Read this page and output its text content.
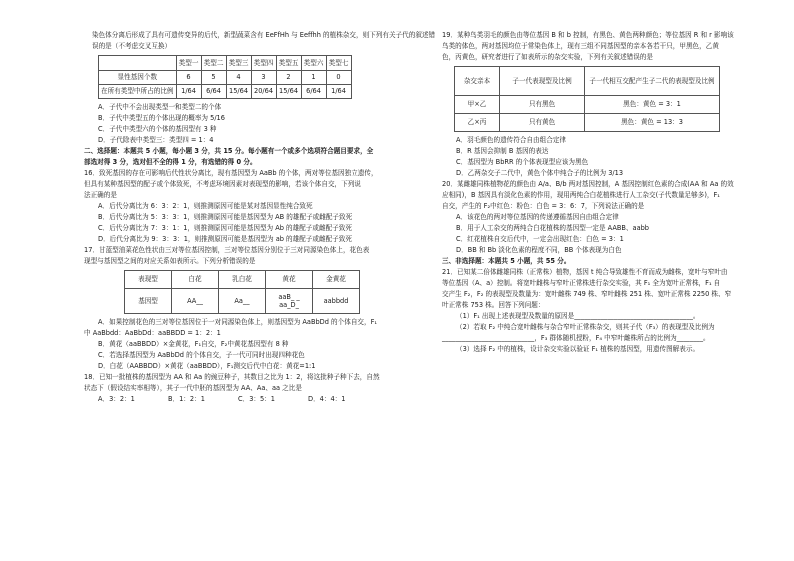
染色体分离后形成了具有可遗传变异的后代，新型蔬菜含有 EeFfHh 与 Eeffhh 的植株杂交，则下列有关子代的叙述错

误的是（不考虑交叉互换）

	类型一	类型二	类型三	类型四	类型五	类型六	类型七
显性基因个数	6	5	4	3	2	1	0
在所有类型中所占的比例	1/64	6/64	15/64	20/64	15/64	6/64	1/64

A．子代中不会出现类型一和类型二的个体

B．子代中类型五的个体出现的概率为 5/16

C．子代中类型六的个体的基因型有 3 种

D．子代除表中类型三：类型四 = 1：4

二、选择题：本题共 5 小题，每小题 3 分，共 15 分。每小题有一个或多个选项符合题目要求，全

部选对得 3 分，选对但不全的得 1 分，有选错的得 0 分。

16．致死基因的存在可影响后代性状分离比，现有基因型为 AaBb 的个体，两对等位基因独立遗传，

但具有某种基因型的配子或个体致死，不考虑环境因素对表现型的影响，若该个体自交，下列说

法正确的是

A．后代分离比为 6：3：2：1，则推测原因可能是某对基因显性纯合致死

B．后代分离比为 5：3：3：1，则推测原因可能是基因型为 AB 的雄配子或雌配子致死

C．后代分离比为 7：3：1：1，则推测原因可能是基因型为 Ab 的雄配子或雌配子致死

D．后代分离比为 9：3：3：1，则推测原因可能是基因型为 ab 的雄配子或雌配子致死

17．甘蓝型油菜花色性状由三对等位基因控制，三对等位基因分别位于三对同源染色体上，花色表

现型与基因型之间的对应关系如表所示。下列分析错误的是

表现型	白花	乳白花	黄花	金黄花
基因型	AA__	Aa__	aaB_ _
aa_D_	aabbdd

A．如果控制花色的三对等位基因位于一对同源染色体上，则基因型为 AaBbDd 的个体自交，F₁

中 AaBbdd：AaBbDd：aaBBDD = 1：2：1

B．黄花（aaBBDD）×金黄花，F₁自交，F₂中黄花基因型有 8 种

C．若选择基因型为 AaBbDd 的个体自交，子一代可同时出现四种花色

D．白花（AABBDD）×黄花（aaBBDD），F₁测交后代中白花：黄花=1:1

18．已知一批植株的基因型为 AA 和 Aa 的豌豆种子，其数目之比为 1：2，将这批种子种下去，自然

状态下（假设结实率相等），其子一代中胚的基因型为 AA、Aa、aa 之比是

A．3：2：1	B．1：2：1	C．3：5：1	D．4：4：1

19．某种鸟类羽毛的颜色由等位基因 B 和 b 控制，有黑色、黄色两种颜色；等位基因 R 和 r 影响该

鸟类的体色，两对基因均位于常染色体上，现有三组不同基因型的亲本各若干只，甲黑色，乙黄

色，丙黄色，研究者进行了如表所示的杂交实验，下列有关叙述错误的是

杂交亲本	子一代表现型及比例	子一代相互交配产生子二代的表现型及比例
甲×乙	只有黑色	黑色：黄色 = 3：1
乙×丙	只有黄色	黑色：黄色 = 13：3

A．羽毛颜色的遗传符合自由组合定律

B．R 基因会抑制 B 基因的表达

C．基因型为 BbRR 的个体表现型应该为黑色

D．乙两杂交子二代中，黄色个体中纯合子的比例为 3/13

20．某雌雄同株植物花的颜色由 A/a、B/b 两对基因控制，A 基因控制红色素的合成(AA 和 Aa 的效

应相同)，B 基因具有淡化色素的作用，现用两纯合白花植株进行人工杂交(子代数量足够多)，F₁

自交，产生的 F₂中红色：粉色：白色 = 3：6：7，下列说法正确的是

A．该花色的两对等位基因的传递遵循基因自由组合定律

B．用于人工杂交的两纯合白花植株的基因型一定是 AABB、aabb

C．红花植株自交后代中，一定会出现红色：白色 = 3：1

D．BB 和 Bb 淡化色素的程度不同，BB 个体表现为白色

三、非选择题：本题共 5 小题，共 55 分。

21．已知某二倍体雌雄同株（正常株）植物，基因 t 纯合导致雄性不育而成为雌株，宽叶与窄叶由

等位基因（A、a）控制。将宽叶雌株与窄叶正常株进行杂交实验，其 F₁ 全为宽叶正常株，F₁ 自

交产生 F₂，F₂ 的表现型及数量为：宽叶雌株 749 株、窄叶雌株 251 株、宽叶正常株 2250 株、窄

叶正常株 753 株。回答下列问题：

（1）F₁ 出现上述表现型及数量的原因是____________________________________。

（2）若取 F₂ 中纯合宽叶雌株与杂合窄叶正常株杂交，则其子代（F₃）的表现型及比例为

____________________________，F₃ 群体随机授粉，F₄ 中窄叶雌株所占的比例为________。

（3）选择 F₂ 中的植株，设计杂交实验以验证 F₁ 植株的基因型，用遗传图解表示。
